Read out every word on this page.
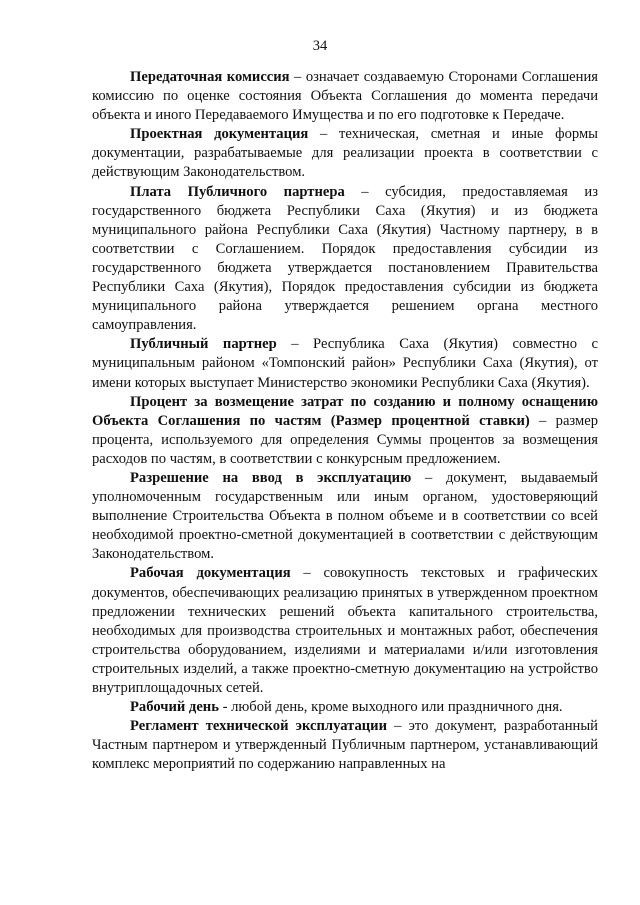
34

Передаточная комиссия – означает создаваемую Сторонами Соглашения комиссию по оценке состояния Объекта Соглашения до момента передачи объекта и иного Передаваемого Имущества и по его подготовке к Передаче.

Проектная документация – техническая, сметная и иные формы документации, разрабатываемые для реализации проекта в соответствии с действующим Законодательством.

Плата Публичного партнера – субсидия, предоставляемая из государственного бюджета Республики Саха (Якутия) и из бюджета муниципального района Республики Саха (Якутия) Частному партнеру, в в соответствии с Соглашением. Порядок предоставления субсидии из государственного бюджета утверждается постановлением Правительства Республики Саха (Якутия), Порядок предоставления субсидии из бюджета муниципального района утверждается решением органа местного самоуправления.

Публичный партнер – Республика Саха (Якутия) совместно с муниципальным районом «Томпонский район» Республики Саха (Якутия), от имени которых выступает Министерство экономики Республики Саха (Якутия).

Процент за возмещение затрат по созданию и полному оснащению Объекта Соглашения по частям (Размер процентной ставки) – размер процента, используемого для определения Суммы процентов за возмещения расходов по частям, в соответствии с конкурсным предложением.

Разрешение на ввод в эксплуатацию – документ, выдаваемый уполномоченным государственным или иным органом, удостоверяющий выполнение Строительства Объекта в полном объеме и в соответствии со всей необходимой проектно-сметной документацией в соответствии с действующим Законодательством.

Рабочая документация – совокупность текстовых и графических документов, обеспечивающих реализацию принятых в утвержденном проектном предложении технических решений объекта капитального строительства, необходимых для производства строительных и монтажных работ, обеспечения строительства оборудованием, изделиями и материалами и/или изготовления строительных изделий, а также проектно-сметную документацию на устройство внутриплощадочных сетей.

Рабочий день - любой день, кроме выходного или праздничного дня.

Регламент технической эксплуатации – это документ, разработанный Частным партнером и утвержденный Публичным партнером, устанавливающий комплекс мероприятий по содержанию направленных на
